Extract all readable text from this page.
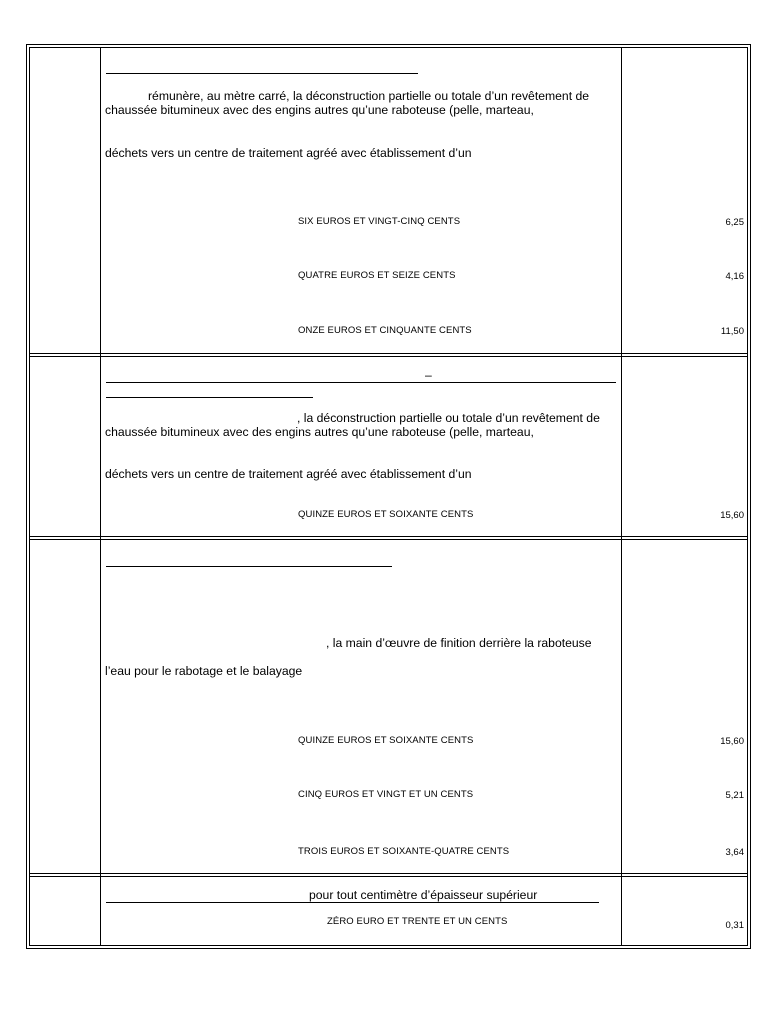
rémunère, au mètre carré, la déconstruction partielle ou totale d’un revêtement de
chaussée bitumineux avec des engins autres qu’une raboteuse (pelle, marteau,
déchets vers un centre de traitement agréé avec établissement d’un
SIX EUROS ET VINGT-CINQ CENTS	6,25
QUATRE EUROS ET SEIZE CENTS	4,16
ONZE EUROS ET CINQUANTE CENTS	11,50
–
, la déconstruction partielle ou totale d’un revêtement de
chaussée bitumineux avec des engins autres qu’une raboteuse (pelle, marteau,
déchets vers un centre de traitement agréé avec établissement d’un
QUINZE EUROS ET SOIXANTE CENTS	15,60
, la main d’œuvre de finition derrière la raboteuse
l’eau pour le rabotage et le balayage
QUINZE EUROS ET SOIXANTE CENTS	15,60
CINQ EUROS ET VINGT ET UN CENTS	5,21
TROIS EUROS ET SOIXANTE-QUATRE CENTS	3,64
pour tout centimètre d’épaisseur supérieur
ZÉRO EURO ET TRENTE ET UN CENTS	0,31
